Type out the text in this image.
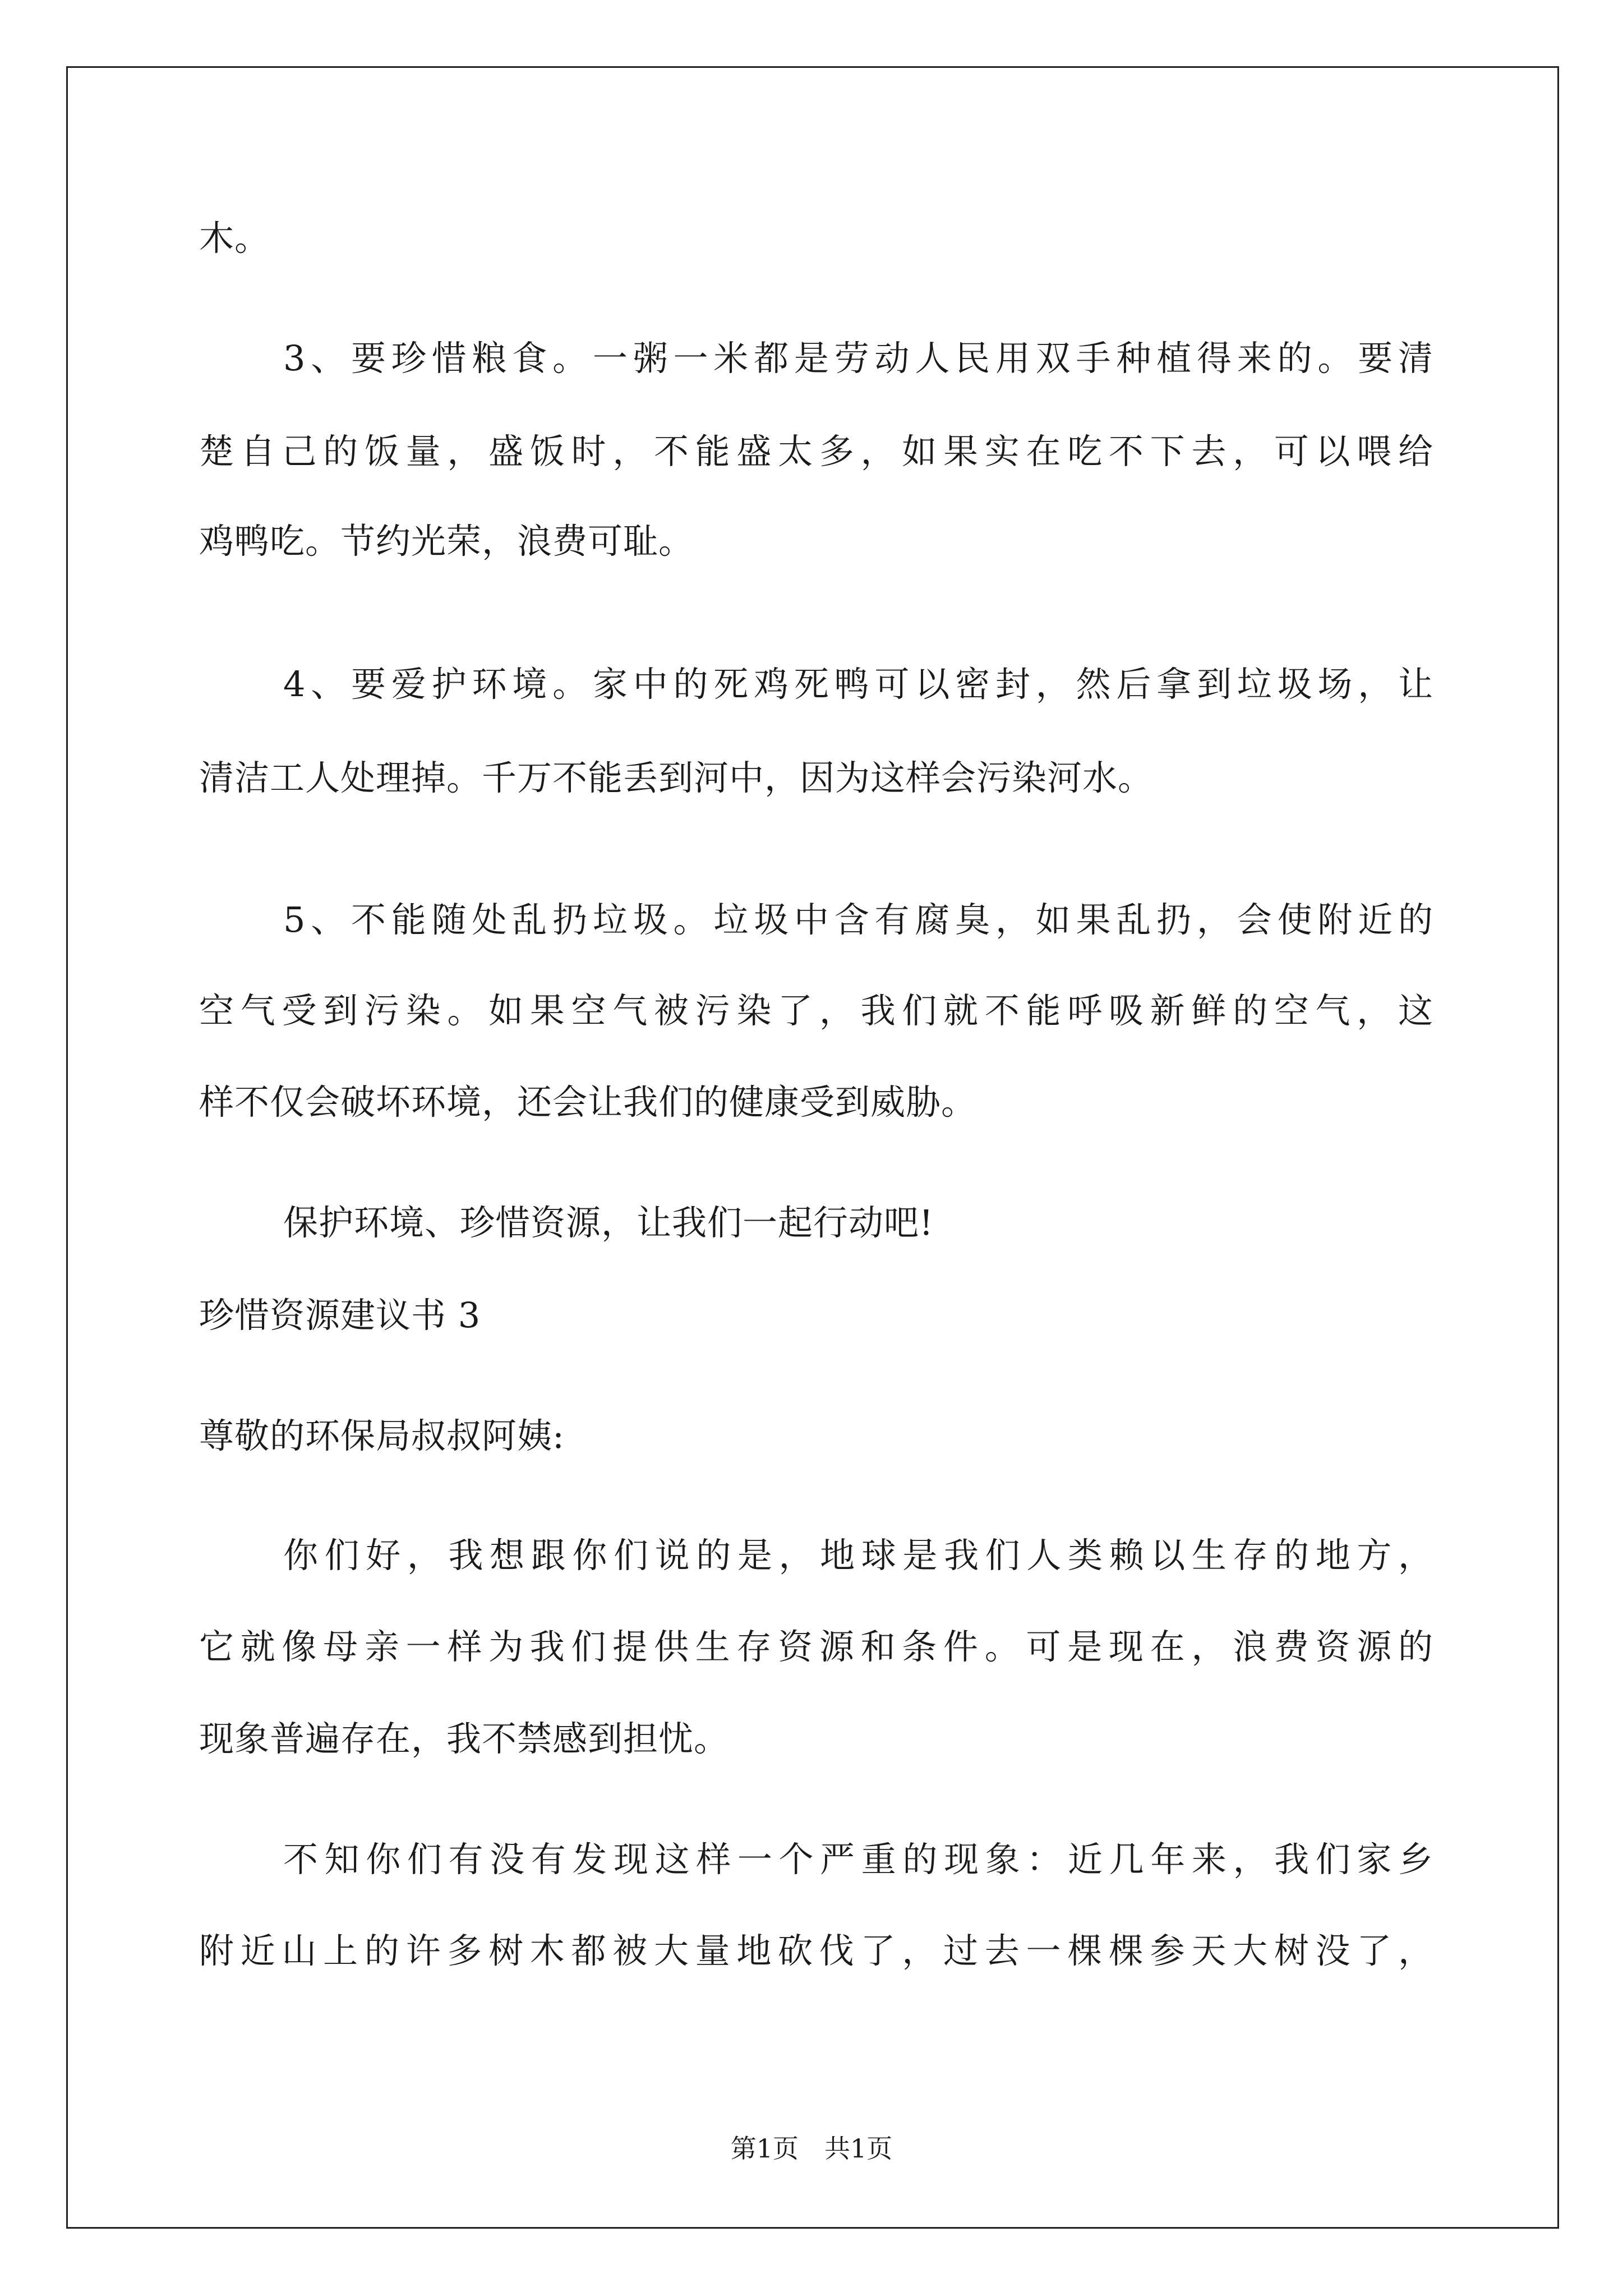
木。
3、要珍惜粮食。一粥一米都是劳动人民用双手种植得来的。要清
楚自己的饭量，盛饭时，不能盛太多，如果实在吃不下去，可以喂给
鸡鸭吃。节约光荣，浪费可耻。
4、要爱护环境。家中的死鸡死鸭可以密封，然后拿到垃圾场，让
清洁工人处理掉。千万不能丢到河中，因为这样会污染河水。
5、不能随处乱扔垃圾。垃圾中含有腐臭，如果乱扔，会使附近的
空气受到污染。如果空气被污染了，我们就不能呼吸新鲜的空气，这
样不仅会破坏环境，还会让我们的健康受到威胁。
保护环境、珍惜资源，让我们一起行动吧!
珍惜资源建议书 3
尊敬的环保局叔叔阿姨:
你们好，我想跟你们说的是，地球是我们人类赖以生存的地方，
它就像母亲一样为我们提供生存资源和条件。可是现在，浪费资源的
现象普遍存在，我不禁感到担忧。
不知你们有没有发现这样一个严重的现象：近几年来，我们家乡
附近山上的许多树木都被大量地砍伐了，过去一棵棵参天大树没了，
第1页　共1页
